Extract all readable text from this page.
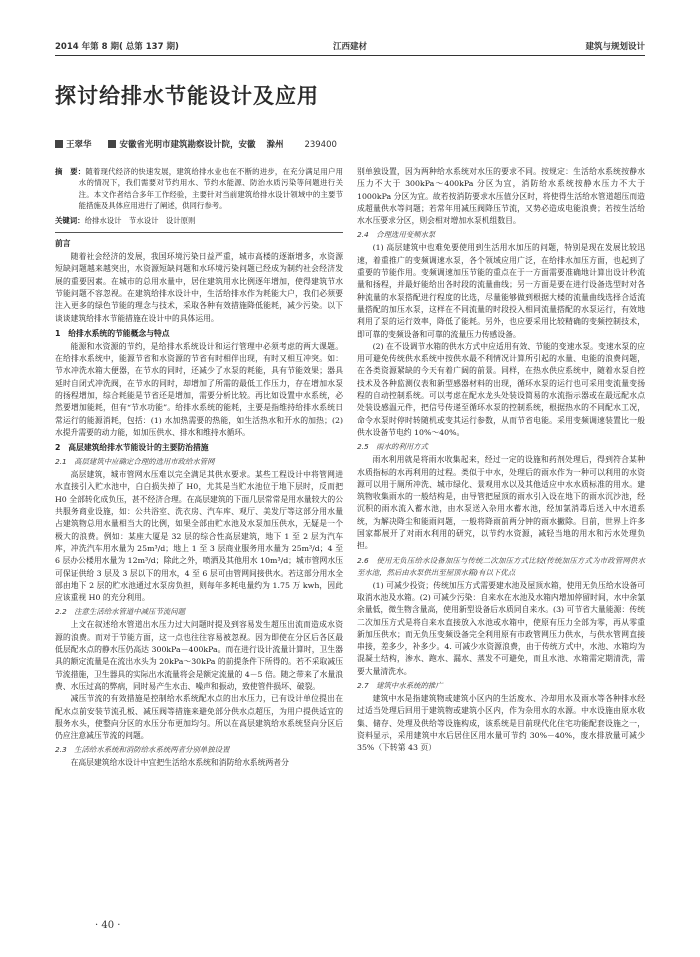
2014 年第 8 期( 总第 137 期)	江西建材	建筑与规划设计
探讨给排水节能设计及应用
王翠华	安徽省光明市建筑勘察设计院，安徽 滁州 239400

摘　要：随着现代经济的快速发展，建筑给排水业也在不断的进步，在充分满足用户用水的情况下，我们需要对节约用水、节约水能源、防治水质污染等问题进行关注。本文作者结合多年工作经验，主要针对当前建筑给排水设计领域中的主要节能措施及具体应用进行了阐述，供同行参考。

关键词：给排水设计　节水设计　设计原则
前言

随着社会经济的发展，我国环境污染日益严重，城市高楼的逐渐增多，水资源短缺问题越来越突出，水资源短缺问题和水环境污染问题已经成为制约社会经济发展的重要因素。在城市的总用水量中，居住建筑用水比例逐年增加，使得建筑节水节能问题不容忽视。在建筑给排水设计中，生活给排水作为耗能大户，我们必须要注入更多的绿色节能的理念与技术，采取各种有效措施降低能耗，减少污染。以下谈谈建筑给排水节能措施在设计中的具体运用。

1　给排水系统的节能概念与特点

能源和水资源的节约，是给排水系统设计和运行管理中必须考虑的两大课题。在给排水系统中，能源节省和水资源的节省有时相伴出现，有时又相互冲突。如：节水冲洗水箱大便器，在节水的同时，还减少了水泵的耗能，具有节能效果；器具延时自闭式冲洗阀，在节水的同时，却增加了所需的最低工作压力，存在增加水泵的扬程增加，综合耗能是节省还是增加，需要分析比较。再比如设置中水系统，必然要增加能耗，但有“节水功能”。给排水系统的能耗，主要是指维持给排水系统日常运行的能源消耗，包括：(1) 水加热需要的热能，如生活热水和开水的加热；(2) 水提升需要的动力能，如加压供水、排水和维持水循环。

2　高层建筑给排水节能设计的主要防治措施
2.1　高层建筑中应确定合理的选用市政给水管网

高层建筑，城市管网水压难以完全满足其供水要求。某些工程设计中将管网进水直接引入贮水池中，白白损失掉了 H0，尤其是当贮水池位于地下层时，反而把 H0 全部转化成负压，甚不经济合理。在高层建筑的下面几层常常是用水量较大的公共服务商业设施，如：公共浴室、洗衣房、汽车库、观厅、美发厅等这部分用水量占建筑物总用水量相当大的比例，如果全部由贮水池及水泵加压供水，无疑是一个极大的浪费。例如：某座大厦是 32 层的综合性高层建筑，地下 1 至 2 层为汽车库，冲洗汽车用水量为 25m³/d；地上 1 至 3 层商业服务用水量为 25m³/d；4 至 6 层办公楼用水量为 12m³/d；除此之外，喷洒及其他用水 10m³/d；城市管网水压可保证供给 3 层及 3 层以下的用水，4 至 6 层可由管网间接供水。若这部分用水全部由地下 2 层的贮水池通过水泵房负担，则每年多耗电量约为 1.75 万 kwh，因此应该重视 H0 的充分利用。

2.2　注意生活给水管道中减压节流问题

上文在叙述给水管道出水压力过大问题时提及到容易发生超压出流而造成水资源的浪费。而对于节能方面，这一点也往往容易被忽视。因为即使在分区后各区最低层配水点的静水压仍高达 300kPa－400kPa。而在进行设计流量计算时，卫生器具的额定流量是在流出水头为 20kPa～30kPa 的前提条件下所得的。若不采取减压节流措施，卫生器具的实际出水流量将会是额定流量的 4－5 倍。随之带来了水量浪费、水压过高的弊病，同时易产生水击、噪声和振动，致使管件损坏、破裂。

减压节流的有效措施是控制给水系统配水点的出水压力，已有设计单位提出在配水点前安装节流孔板、减压阀等措施来避免部分供水点超压，为用户提供适宜的服务水头，使整向分区的水压分布更加均匀。所以在高层建筑给水系统竖向分区后仍应注意减压节流的问题。

2.3　生活给水系统和消防给水系统两者分别单独设置

在高层建筑给水设计中宜把生活给水系统和消防给水系统两者分

别单独设置，因为两种给水系统对水压的要求不同。按规定：生活给水系统按静水压力不大于 300kPa～400kPa 分区为宜，消防给水系统按静水压力不大于 1000kPa 分区为宜。故若按消防要求水压值分区时，将使得生活给水管道超压而造成超量供水等问题；若常年用减压阀降压节流，又势必造成电能浪费；若按生活给水水压要求分区，则会相对增加水泵机组数目。

2.4　合理选用变频水泵

(1) 高层建筑中也难免要使用到生活用水加压的问题，特别是现在发展比较迅速，着重推广的变频调速水泵，各个领域应用广泛，在给排水加压方面，也起到了重要的节能作用。变频调速加压节能的重点在于一方面需要准确地计算出设计秒流量和扬程，并最好能给出各时段的流量曲线；另一方面是要在进行设备选型时对各种流量的水泵搭配进行程度的比选，尽量能够做到根据大楼的流量曲线选择合适流量搭配的加压水泵，这样在不同流量的时段投入相同流量搭配的水泵运行，有效地利用了泵的运行效率，降低了能耗。另外，也应要采用比较精确的变频控制技术，即可靠的变频设备和可靠的流量压力传感设备。

(2) 在不设调节水箱的供水方式中应适用有效、节能的变速水泵。变速水泵的应用可避免传统供水系统中按供水最不利情况计算所引起的水量、电能的浪费问题，在各类资源紧缺的今天有着广阔的前景。同样，在热水供应系统中，随着水泵自控技术及各种监测仪表和新型感器材料的出现，循环水泵的运行也可采用变流量变扬程的自动控制系统。可以考虑在配水龙头处装设简易的水流指示器或在最远配水点处装设感温元件，把信号传递至循环水泵的控制系统，根据热水的不同配水工况，命令水泵时停时转随机或变其运行参数，从而节省电能。采用变频调速装置比一般供水设备节电约 10%～40%。

2.5　雨水的利用方式

雨水利用就是将雨水收集起来，经过一定的设施和药剂处理后，得到符合某种水质指标的水再利用的过程。类似于中水，处理后的雨水作为一种可以利用的水资源可以用于厕所冲洗、城市绿化、景观用水以及其他适应中水水质标准的用水。建筑物收集雨水的一般结构是，由导管把屋顶的雨水引入设在地下的雨水沉沙池，经沉积的雨水流入蓄水池，由水泵送入杂用水蓄水池，经加氯消毒后送入中水道系统，为解决降尘和能雨问题，一般将降雨前两分钟的雨水撇除。目前，世界上许多国家都展开了对雨水利用的研究，以节约水资源，减轻当地的用水和污水处理负担。

2.6　使用无负压给水设备加压与传统二次加压方式比较(传统加压方式为市政管网供水至水池，然后由水泵供出至屋顶水箱)有以下优点

(1) 可减少投资；传统加压方式需要建水池及屋顶水箱，使用无负压给水设备可取消水池及水箱。(2) 可减少污染：自来水在水池及水箱内增加停留时间，水中余氯余量低，微生物含量高，使用新型设备后水质同自来水。(3) 可节省大量能源：传统二次加压方式是将自来水直接放入水池或水箱中，使原有压力全部为零，再从零重新加压供水；而无负压变频设备完全利用原有市政管网压力供水，与供水管网直接串接，差多少，补多少。4. 可减少水资源浪费，由于传统方式中，水池、水箱均为混凝土结构，渗水、跑水、漏水、蒸发不可避免，而且水池、水箱需定期清洗，需要大量清洗水。

2.7　建筑中水系统的推广

建筑中水是指建筑物或建筑小区内的生活废水、冷却用水及雨水等各种排水经过适当处理后回用于建筑物或建筑小区内，作为杂用水的水源。中水设施由原水收集、储存、处理及供给等设施构成，该系统是目前现代化住宅功能配套设施之一，资料显示，采用建筑中水后居住区用水量可节约 30%－40%，废水排放量可减少 35%（下转第 43 页）

· 40 ·
